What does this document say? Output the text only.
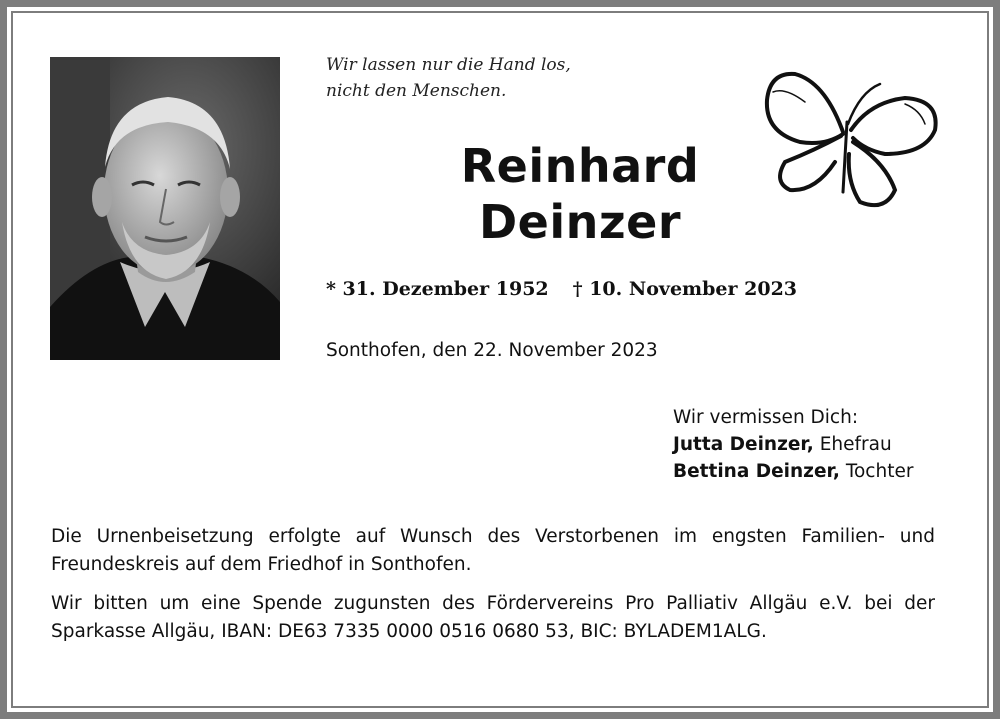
Wir lassen nur die Hand los,
nicht den Menschen.
Reinhard
Deinzer
* 31. Dezember 1952 † 10. November 2023
Sonthofen, den 22. November 2023
Wir vermissen Dich:
Jutta Deinzer, Ehefrau
Bettina Deinzer, Tochter
Die Urnenbeisetzung erfolgte auf Wunsch des Verstorbenen im engsten Familien- und Freundeskreis auf dem Friedhof in Sonthofen.
Wir bitten um eine Spende zugunsten des Fördervereins Pro Palliativ Allgäu e.V. bei der Sparkasse Allgäu, IBAN: DE63 7335 0000 0516 0680 53, BIC: BYLADEM1ALG.
